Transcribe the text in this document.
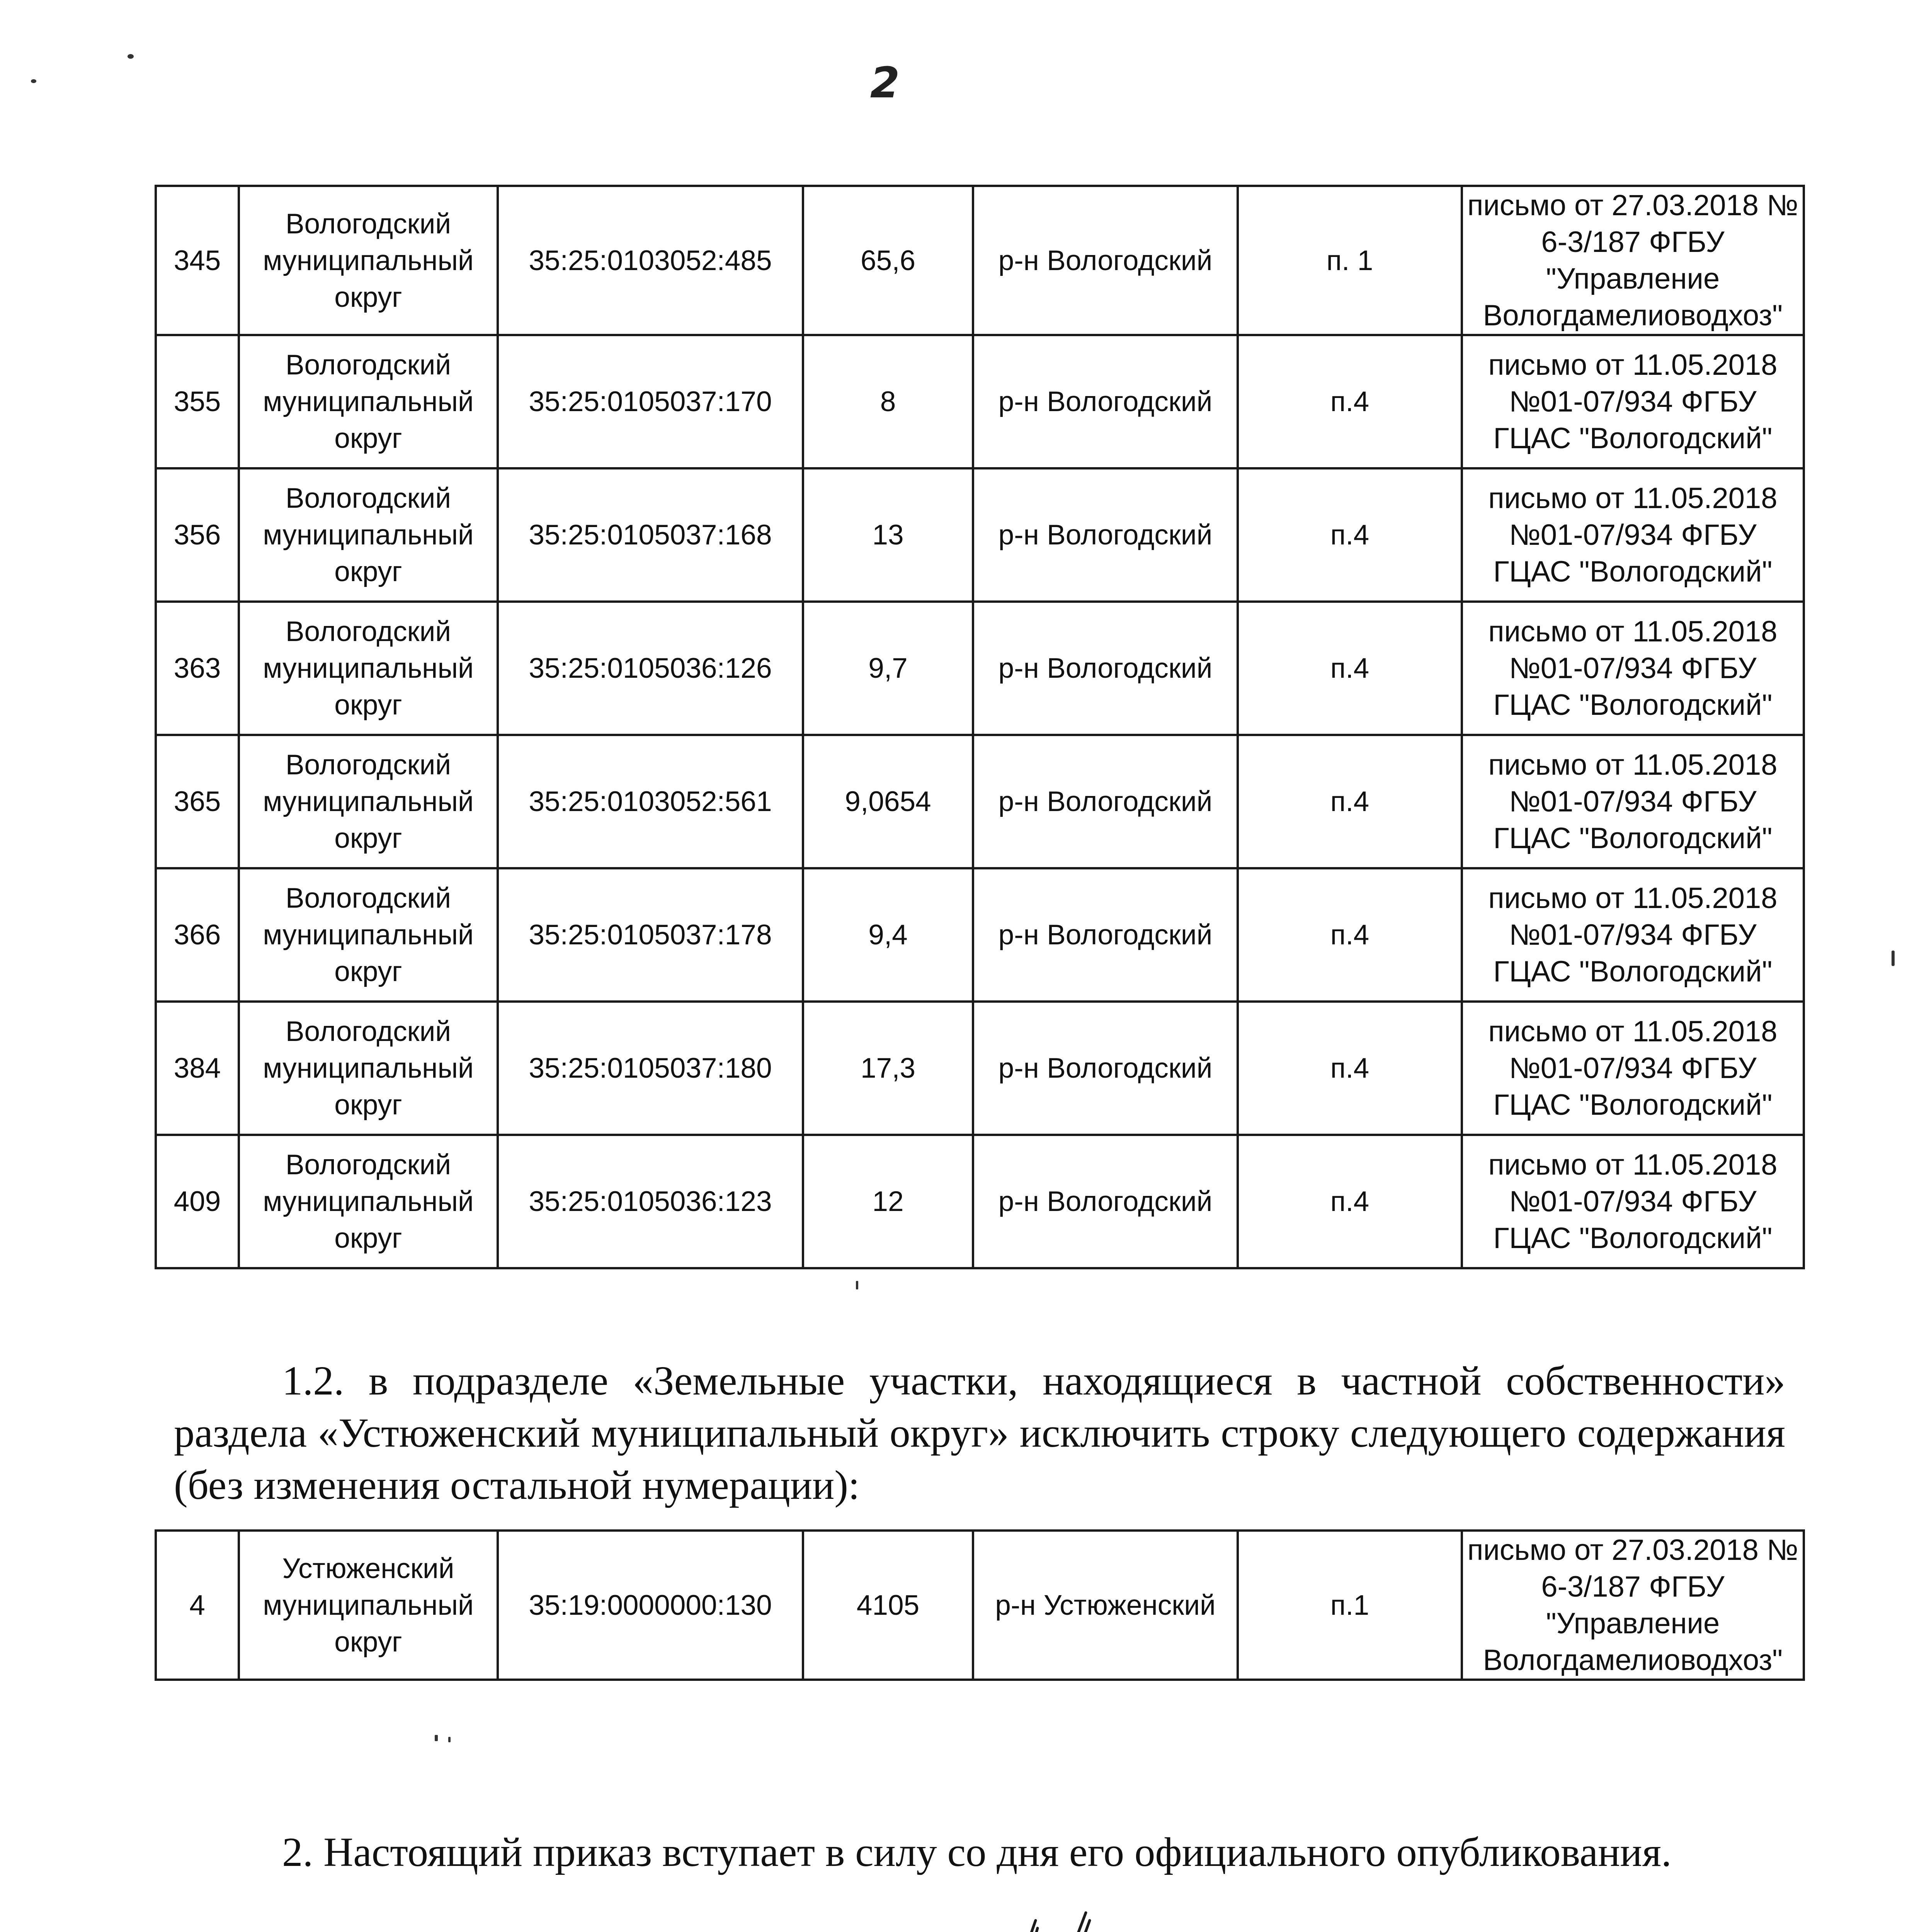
2
345	Вологодский муниципальный округ	35:25:0103052:485	65,6	р-н Вологодский	п. 1	письмо от 27.03.2018 № 6-3/187 ФГБУ "Управление Вологдамелиоводхоз"
355	Вологодский муниципальный округ	35:25:0105037:170	8	р-н Вологодский	п.4	письмо от 11.05.2018 №01-07/934 ФГБУ ГЦАС "Вологодский"
356	Вологодский муниципальный округ	35:25:0105037:168	13	р-н Вологодский	п.4	письмо от 11.05.2018 №01-07/934 ФГБУ ГЦАС "Вологодский"
363	Вологодский муниципальный округ	35:25:0105036:126	9,7	р-н Вологодский	п.4	письмо от 11.05.2018 №01-07/934 ФГБУ ГЦАС "Вологодский"
365	Вологодский муниципальный округ	35:25:0103052:561	9,0654	р-н Вологодский	п.4	письмо от 11.05.2018 №01-07/934 ФГБУ ГЦАС "Вологодский"
366	Вологодский муниципальный округ	35:25:0105037:178	9,4	р-н Вологодский	п.4	письмо от 11.05.2018 №01-07/934 ФГБУ ГЦАС "Вологодский"
384	Вологодский муниципальный округ	35:25:0105037:180	17,3	р-н Вологодский	п.4	письмо от 11.05.2018 №01-07/934 ФГБУ ГЦАС "Вологодский"
409	Вологодский муниципальный округ	35:25:0105036:123	12	р-н Вологодский	п.4	письмо от 11.05.2018 №01-07/934 ФГБУ ГЦАС "Вологодский"

1.2. в подразделе «Земельные участки, находящиеся в частной собственности» раздела «Устюженский муниципальный округ» исключить строку следующего содержания (без изменения остальной нумерации):

4	Устюженский муниципальный округ	35:19:0000000:130	4105	р-н Устюженский	п.1	письмо от 27.03.2018 № 6-3/187 ФГБУ "Управление Вологдамелиоводхоз"

2. Настоящий приказ вступает в силу со дня его официального опубликования.
